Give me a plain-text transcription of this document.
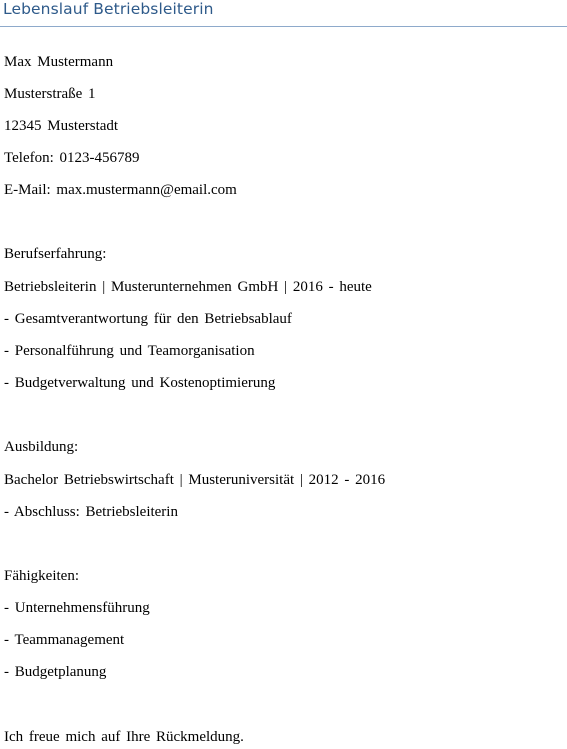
Lebenslauf Betriebsleiterin
Max Mustermann
Musterstraße 1
12345 Musterstadt
Telefon: 0123-456789
E-Mail: max.mustermann@email.com
Berufserfahrung:
Betriebsleiterin | Musterunternehmen GmbH | 2016 - heute
- Gesamtverantwortung für den Betriebsablauf
- Personalführung und Teamorganisation
- Budgetverwaltung und Kostenoptimierung
Ausbildung:
Bachelor Betriebswirtschaft | Musteruniversität | 2012 - 2016
- Abschluss: Betriebsleiterin
Fähigkeiten:
- Unternehmensführung
- Teammanagement
- Budgetplanung
Ich freue mich auf Ihre Rückmeldung.
